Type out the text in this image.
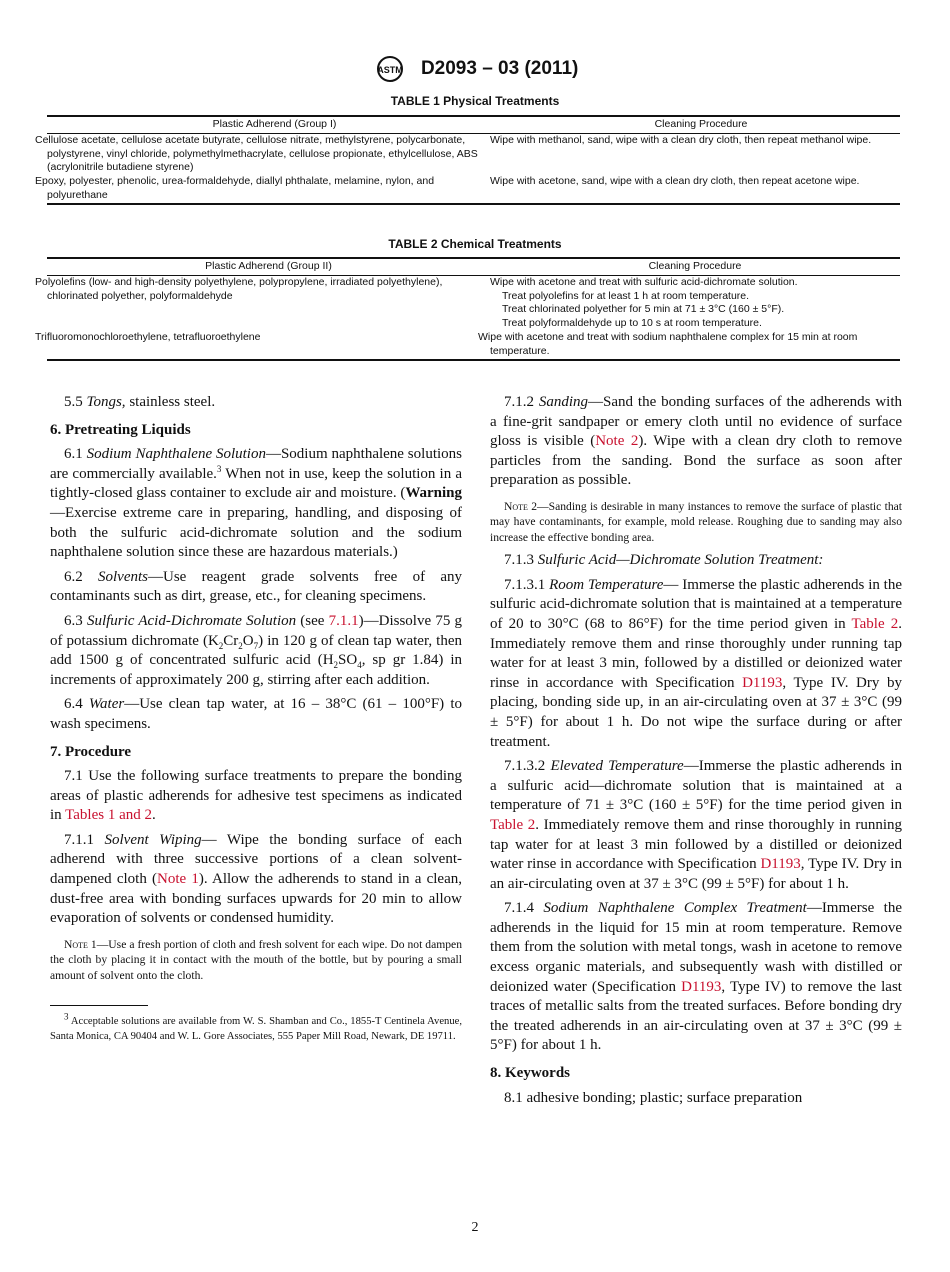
ASTM D2093 – 03 (2011)
TABLE 1 Physical Treatments
Plastic Adherend (Group I)	Cleaning Procedure
Cellulose acetate, cellulose acetate butyrate, cellulose nitrate, methylstyrene, polycarbonate, polystyrene, vinyl chloride, polymethylmethacrylate, cellulose propionate, ethylcellulose, ABS (acrylonitrile butadiene styrene)	Wipe with methanol, sand, wipe with a clean dry cloth, then repeat methanol wipe.
Epoxy, polyester, phenolic, urea-formaldehyde, diallyl phthalate, melamine, nylon, and polyurethane	Wipe with acetone, sand, wipe with a clean dry cloth, then repeat acetone wipe.
TABLE 2 Chemical Treatments
Plastic Adherend (Group II)	Cleaning Procedure
Polyolefins (low- and high-density polyethylene, polypropylene, irradiated polyethylene), chlorinated polyether, polyformaldehyde	Wipe with acetone and treat with sulfuric acid-dichromate solution.
Treat polyolefins for at least 1 h at room temperature.
Treat chlorinated polyether for 5 min at 71 ± 3°C (160 ± 5°F).
Treat polyformaldehyde up to 10 s at room temperature.

Trifluoromonochloroethylene, tetrafluoroethylene	Wipe with acetone and treat with sodium naphthalene complex for 15 min at room temperature.

5.5 Tongs, stainless steel.

6. Pretreating Liquids

6.1 Sodium Naphthalene Solution—Sodium naphthalene solutions are commercially available.$^3$ When not in use, keep the solution in a tightly-closed glass container to exclude air and moisture. (Warning—Exercise extreme care in preparing, handling, and disposing of both the sulfuric acid-dichromate solution and the sodium naphthalene solution since these are hazardous materials.)

6.2 Solvents—Use reagent grade solvents free of any contaminants such as dirt, grease, etc., for cleaning specimens.

6.3 Sulfuric Acid-Dichromate Solution (see 7.1.1)—Dissolve 75 g of potassium dichromate $(K_2Cr_2O_7)$ in 120 g of clean tap water, then add 1500 g of concentrated sulfuric acid ($H_2SO_4$, sp gr 1.84) in increments of approximately 200 g, stirring after each addition.

6.4 Water—Use clean tap water, at 16 – 38°C (61 – 100°F) to wash specimens.

7. Procedure

7.1 Use the following surface treatments to prepare the bonding areas of plastic adherends for adhesive test specimens as indicated in Tables 1 and 2.

7.1.1 Solvent Wiping— Wipe the bonding surface of each adherend with three successive portions of a clean solvent-dampened cloth (Note 1). Allow the adherends to stand in a clean, dust-free area with bonding surfaces upwards for 20 min to allow evaporation of solvents or condensed humidity.

Note 1—Use a fresh portion of cloth and fresh solvent for each wipe. Do not dampen the cloth by placing it in contact with the mouth of the bottle, but by pouring a small amount of solvent onto the cloth.

$^3$ Acceptable solutions are available from W. S. Shamban and Co., 1855-T Centinela Avenue, Santa Monica, CA 90404 and W. L. Gore Associates, 555 Paper Mill Road, Newark, DE 19711.

7.1.2 Sanding—Sand the bonding surfaces of the adherends with a fine-grit sandpaper or emery cloth until no evidence of surface gloss is visible (Note 2). Wipe with a clean dry cloth to remove particles from the sanding. Bond the surface as soon after preparation as possible.

Note 2—Sanding is desirable in many instances to remove the surface of plastic that may have contaminants, for example, mold release. Roughing due to sanding may also increase the effective bonding area.

7.1.3 Sulfuric Acid—Dichromate Solution Treatment:

7.1.3.1 Room Temperature— Immerse the plastic adherends in the sulfuric acid-dichromate solution that is maintained at a temperature of 20 to 30°C (68 to 86°F) for the time period given in Table 2. Immediately remove them and rinse thoroughly under running tap water for at least 3 min, followed by a distilled or deionized water rinse in accordance with Specification D1193, Type IV. Dry by placing, bonding side up, in an air-circulating oven at 37 ± 3°C (99 ± 5°F) for about 1 h. Do not wipe the surface during or after treatment.

7.1.3.2 Elevated Temperature—Immerse the plastic adherends in a sulfuric acid—dichromate solution that is maintained at a temperature of 71 ± 3°C (160 ± 5°F) for the time period given in Table 2. Immediately remove them and rinse thoroughly in running tap water for at least 3 min followed by a distilled or deionized water rinse in accordance with Specification D1193, Type IV. Dry in an air-circulating oven at 37 ± 3°C (99 ± 5°F) for about 1 h.

7.1.4 Sodium Naphthalene Complex Treatment—Immerse the adherends in the liquid for 15 min at room temperature. Remove them from the solution with metal tongs, wash in acetone to remove excess organic materials, and subsequently wash with distilled or deionized water (Specification D1193, Type IV) to remove the last traces of metallic salts from the treated surfaces. Before bonding dry the treated adherends in an air-circulating oven at 37 ± 3°C (99 ± 5°F) for about 1 h.

8. Keywords

8.1 adhesive bonding; plastic; surface preparation

2
